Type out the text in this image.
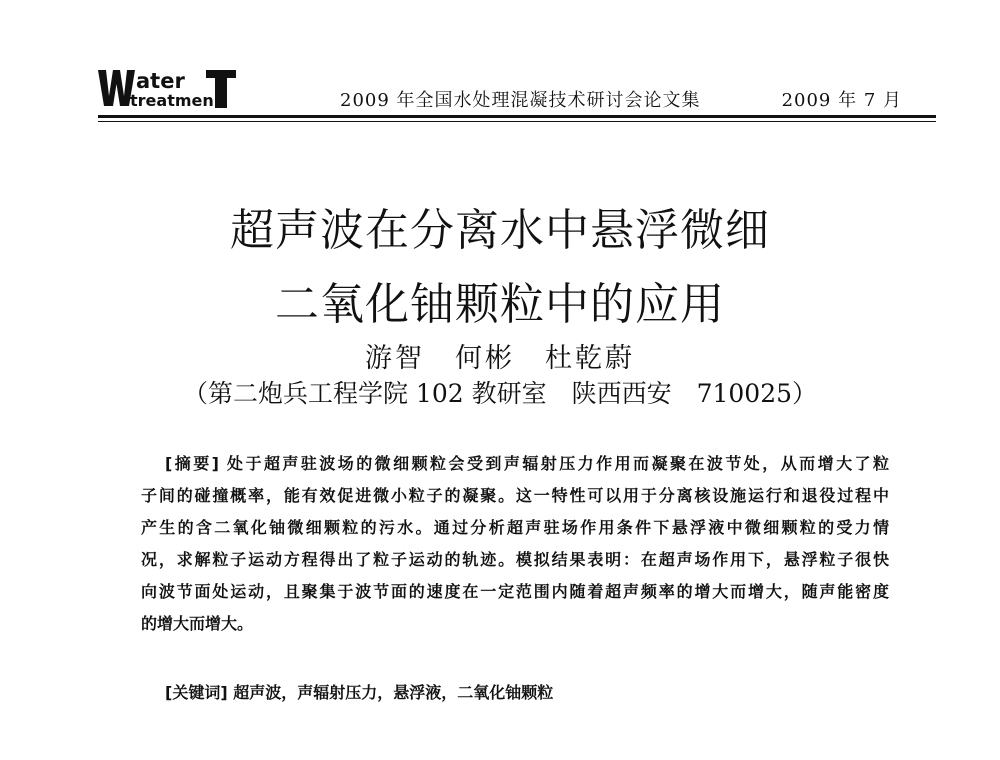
ater
treatmen	China	2009 年全国水处理混凝技术研讨会论文集	2009 年 7 月
超声波在分离水中悬浮微细
二氧化铀颗粒中的应用
游智　何彬　杜乾蔚
（第二炮兵工程学院 102 教研室　陕西西安　710025）
[摘要] 处于超声驻波场的微细颗粒会受到声辐射压力作用而凝聚在波节处，从而增大了粒
子间的碰撞概率，能有效促进微小粒子的凝聚。这一特性可以用于分离核设施运行和退役过程中
产生的含二氧化铀微细颗粒的污水。通过分析超声驻场作用条件下悬浮液中微细颗粒的受力情
况，求解粒子运动方程得出了粒子运动的轨迹。模拟结果表明：在超声场作用下，悬浮粒子很快
向波节面处运动，且聚集于波节面的速度在一定范围内随着超声频率的增大而增大，随声能密度
的增大而增大。
[关键词] 超声波，声辐射压力，悬浮液，二氧化铀颗粒
